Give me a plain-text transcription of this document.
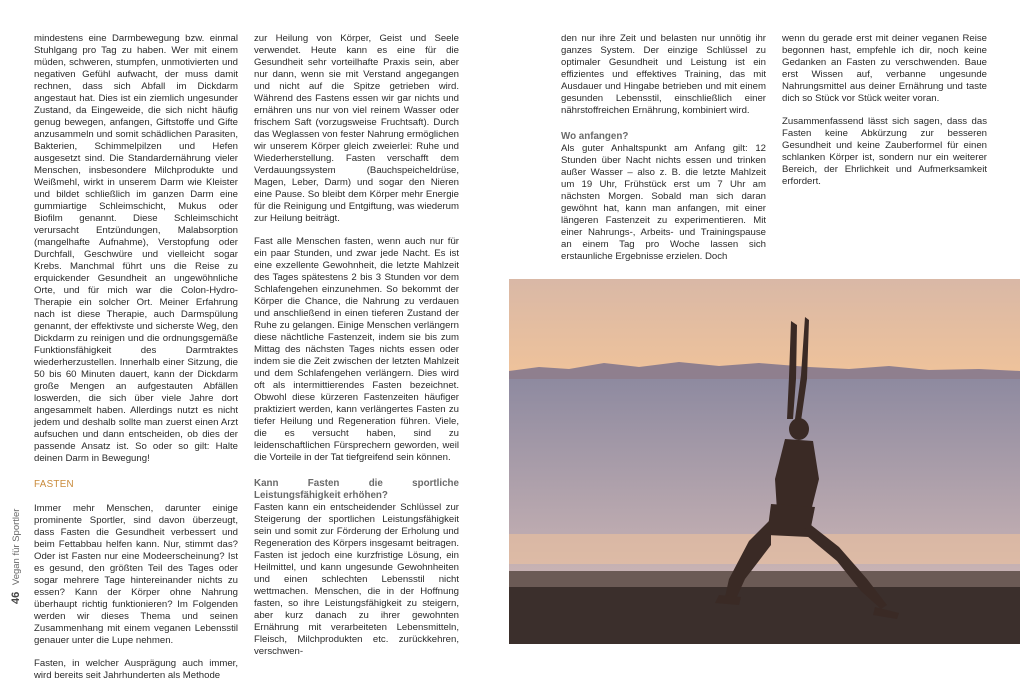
mindestens eine Darmbewegung bzw. einmal Stuhlgang pro Tag zu haben. Wer mit einem müden, schweren, stumpfen, unmotivierten und negativen Gefühl aufwacht, der muss damit rechnen, dass sich Abfall im Dickdarm angestaut hat. Dies ist ein ziemlich ungesunder Zustand, da Eingeweide, die sich nicht häufig genug bewegen, anfangen, Giftstoffe und Gifte anzusammeln und somit schädlichen Parasiten, Bakterien, Schimmelpilzen und Hefen ausgesetzt sind. Die Standardernährung vieler Menschen, insbesondere Milchprodukte und Weißmehl, wirkt in unserem Darm wie Kleister und bildet schließlich im ganzen Darm eine gummiartige Schleimschicht, Mukus oder Biofilm genannt. Diese Schleimschicht verursacht Entzündungen, Malabsorption (mangelhafte Aufnahme), Verstopfung oder Durchfall, Geschwüre und vielleicht sogar Krebs. Manchmal führt uns die Reise zu erquickender Gesundheit an ungewöhnliche Orte, und für mich war die Colon-Hydro-Therapie ein solcher Ort. Meiner Erfahrung nach ist diese Therapie, auch Darmspülung genannt, der effektivste und sicherste Weg, den Dickdarm zu reinigen und die ordnungsgemäße Funktionsfähigkeit des Darmtraktes wiederherzustellen. Innerhalb einer Sitzung, die 50 bis 60 Minuten dauert, kann der Dickdarm große Mengen an aufgestauten Abfällen loswerden, die sich über viele Jahre dort angesammelt haben. Allerdings nutzt es nicht jedem und deshalb sollte man zuerst einen Arzt aufsuchen und dann entscheiden, ob dies der passende Ansatz ist. So oder so gilt: Halte deinen Darm in Bewegung!

FASTEN

Immer mehr Menschen, darunter einige prominente Sportler, sind davon überzeugt, dass Fasten die Gesundheit verbessert und beim Fettabbau helfen kann. Nur, stimmt das? Oder ist Fasten nur eine Modeerscheinung? Ist es gesund, den größten Teil des Tages oder sogar mehrere Tage hintereinander nichts zu essen? Kann der Körper ohne Nahrung überhaupt richtig funktionieren? Im Folgenden werden wir dieses Thema und seinen Zusammenhang mit einem veganen Lebensstil genauer unter die Lupe nehmen.

Fasten, in welcher Ausprägung auch immer, wird bereits seit Jahrhunderten als Methode

zur Heilung von Körper, Geist und Seele verwendet. Heute kann es eine für die Gesundheit sehr vorteilhafte Praxis sein, aber nur dann, wenn sie mit Verstand angegangen und nicht auf die Spitze getrieben wird. Während des Fastens essen wir gar nichts und ernähren uns nur von viel reinem Wasser oder frischem Saft (vorzugsweise Fruchtsaft). Durch das Weglassen von fester Nahrung ermöglichen wir unserem Körper gleich zweierlei: Ruhe und Wiederherstellung. Fasten verschafft dem Verdauungssystem (Bauchspeicheldrüse, Magen, Leber, Darm) und sogar den Nieren eine Pause. So bleibt dem Körper mehr Energie für die Reinigung und Entgiftung, was wiederum zur Heilung beiträgt.

Fast alle Menschen fasten, wenn auch nur für ein paar Stunden, und zwar jede Nacht. Es ist eine exzellente Gewohnheit, die letzte Mahlzeit des Tages spätestens 2 bis 3 Stunden vor dem Schlafengehen einzunehmen. So bekommt der Körper die Chance, die Nahrung zu verdauen und anschließend in einen tieferen Zustand der Ruhe zu gelangen. Einige Menschen verlängern diese nächtliche Fastenzeit, indem sie bis zum Mittag des nächsten Tages nichts essen oder indem sie die Zeit zwischen der letzten Mahlzeit und dem Schlafengehen verlängern. Dies wird oft als intermittierendes Fasten bezeichnet. Obwohl diese kürzeren Fastenzeiten häufiger praktiziert werden, kann verlängertes Fasten zu tiefer Heilung und Regeneration führen. Viele, die es versucht haben, sind zu leidenschaftlichen Fürsprechern geworden, weil die Vorteile in der Tat tiefgreifend sein können.

Kann Fasten die sportliche Leistungsfähigkeit erhöhen?

Fasten kann ein entscheidender Schlüssel zur Steigerung der sportlichen Leistungsfähigkeit sein und somit zur Förderung der Erholung und Regeneration des Körpers insgesamt beitragen. Fasten ist jedoch eine kurzfristige Lösung, ein Heilmittel, und kann ungesunde Gewohnheiten und einen schlechten Lebensstil nicht wettmachen. Menschen, die in der Hoffnung fasten, so ihre Leistungsfähigkeit zu steigern, aber kurz danach zu ihrer gewohnten Ernährung mit verarbeiteten Lebensmitteln, Fleisch, Milchprodukten etc. zurückkehren, verschwen-

den nur ihre Zeit und belasten nur unnötig ihr ganzes System. Der einzige Schlüssel zu optimaler Gesundheit und Leistung ist ein effizientes und effektives Training, das mit Ausdauer und Hingabe betrieben und mit einem gesunden Lebensstil, einschließlich einer nährstoffreichen Ernährung, kombiniert wird.

Wo anfangen?

Als guter Anhaltspunkt am Anfang gilt: 12 Stunden über Nacht nichts essen und trinken außer Wasser – also z. B. die letzte Mahlzeit um 19 Uhr, Frühstück erst um 7 Uhr am nächsten Morgen. Sobald man sich daran gewöhnt hat, kann man anfangen, mit einer längeren Fastenzeit zu experimentieren. Mit einer Nahrungs-, Arbeits- und Trainingspause an einem Tag pro Woche lassen sich erstaunliche Ergebnisse erzielen. Doch

wenn du gerade erst mit deiner veganen Reise begonnen hast, empfehle ich dir, noch keine Gedanken an Fasten zu verschwenden. Baue erst Wissen auf, verbanne ungesunde Nahrungsmittel aus deiner Ernährung und taste dich so Stück vor Stück weiter voran.

Zusammenfassend lässt sich sagen, dass das Fasten keine Abkürzung zur besseren Gesundheit und keine Zauberformel für einen schlanken Körper ist, sondern nur ein weiterer Bereich, der Ehrlichkeit und Aufmerksamkeit erfordert.

46 Vegan für Sportler
